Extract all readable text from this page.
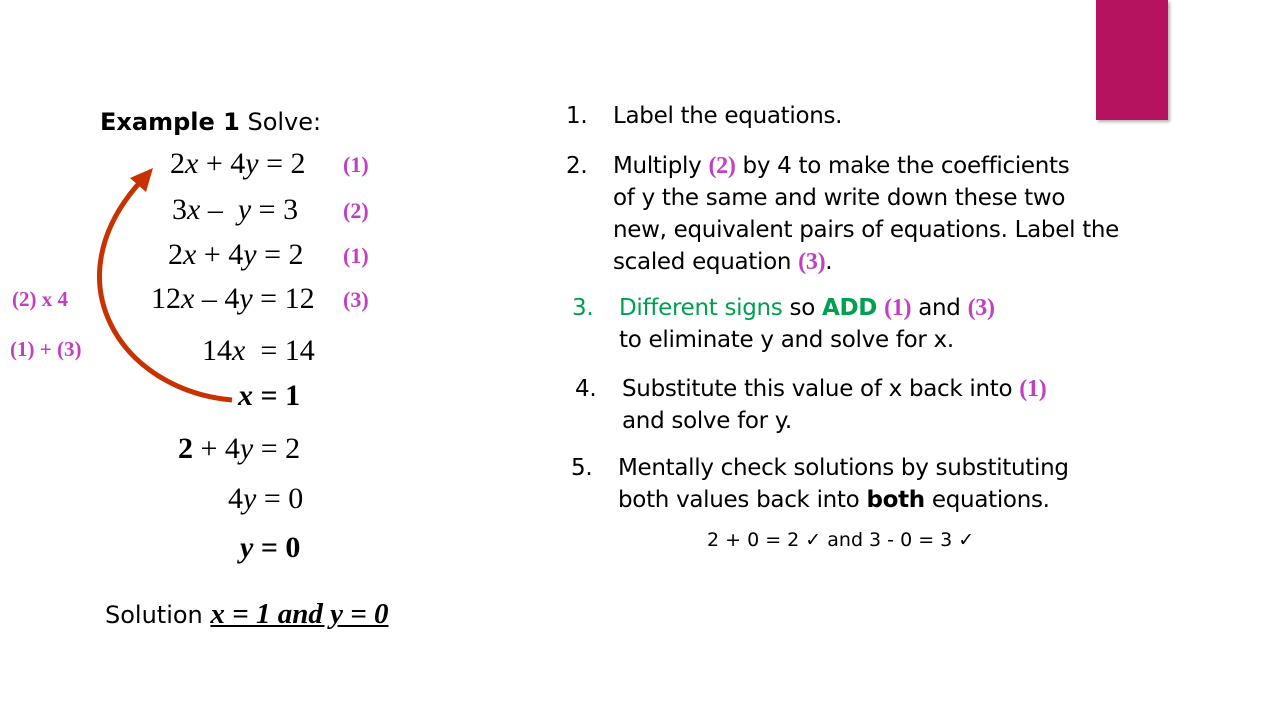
Example 1 Solve:
2x + 4y = 2 (1)
3x –  y = 3 (2)
2x + 4y = 2 (1)
12x – 4y = 12 (3)
14x  = 14
x = 1
2 + 4y = 2
4y = 0
y = 0
(2) x 4
(1) + (3)
Solution x = 1 and y = 0
1. Label the equations.
2. Multiply (2) by 4 to make the coefficients
of y the same and write down these two
new, equivalent pairs of equations. Label the
scaled equation (3).
3. Different signs so ADD (1) and (3)
to eliminate y and solve for x.
4. Substitute this value of x back into (1)
and solve for y.
5. Mentally check solutions by substituting
both values back into both equations.
2 + 0 = 2 ✓ and 3 - 0 = 3 ✓
